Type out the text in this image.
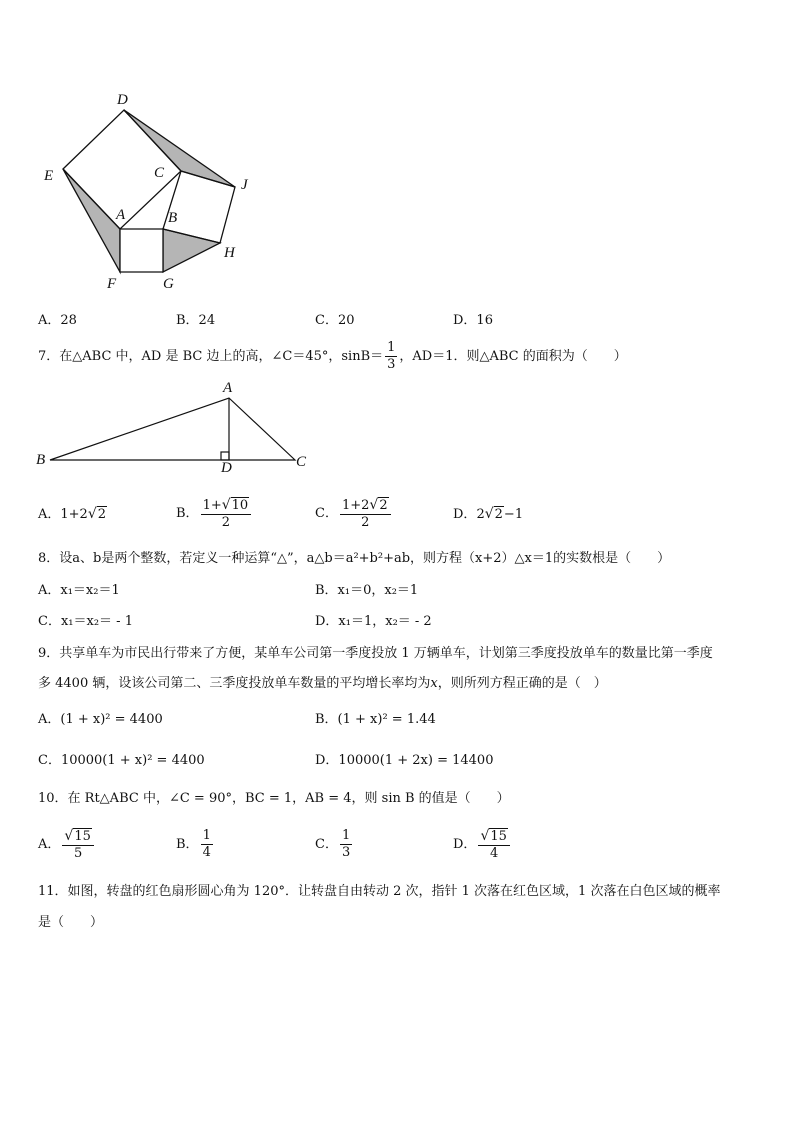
D
E	C
J
A	B
H
F	G
A．28	B．24	C．20	D．16
7．在△ABC 中，AD 是 BC 边上的高，∠C＝45°，$\sin B= \frac{1}{3}$ ，AD＝1．则△ABC 的面积为（　　）
A
B	D	C
A．1+2√2	B． $\frac{1+√10}{2}$	C． $\frac{1+2√2}{2}$	D．2√2−1
8．设a、b是两个整数，若定义一种运算“△”，a△b＝a²+b²+ab，则方程（x+2）△x＝1的实数根是（　　）
A．x₁＝x₂＝1	B．x₁＝0，x₂＝1
C．x₁＝x₂＝ - 1	D．x₁＝1，x₂＝ - 2
9．共享单车为市民出行带来了方便，某单车公司第一季度投放 1 万辆单车，计划第三季度投放单车的数量比第一季度
多 4400 辆，设该公司第二、三季度投放单车数量的平均增长率均为x，则所列方程正确的是（　）
A．(1 + x)² = 4400	B．(1 + x)² = 1.44
C．10000(1 + x)² = 4400	D．10000(1 + 2x) = 14400
10．在 Rt△ABC 中，∠C = 90°，BC = 1，AB = 4，则 sin B 的值是（　　）
A． $\frac{√15}{5}$	B． $\frac{1}{4}$	C． $\frac{1}{3}$	D． $\frac{√15}{4}$
11．如图，转盘的红色扇形圆心角为 120°．让转盘自由转动 2 次，指针 1 次落在红色区域，1 次落在白色区域的概率
是（　　）
